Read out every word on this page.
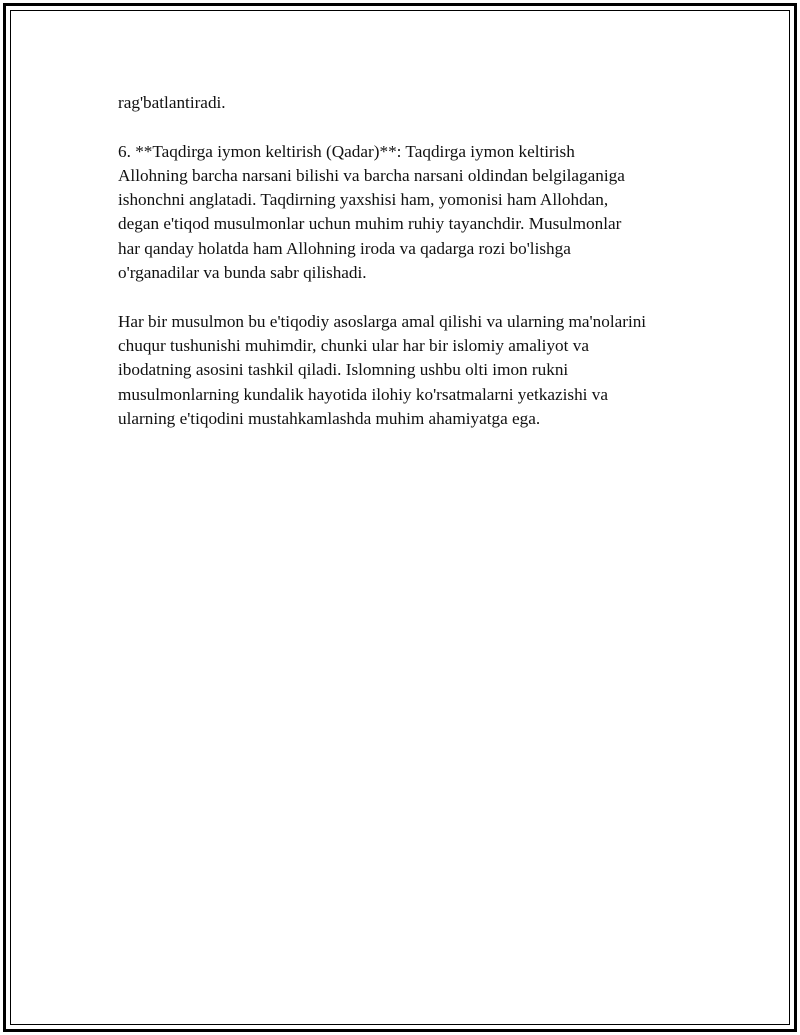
rag'batlantiradi.

6. **Taqdirga iymon keltirish (Qadar)**: Taqdirga iymon keltirish
Allohning barcha narsani bilishi va barcha narsani oldindan belgilaganiga
ishonchni anglatadi. Taqdirning yaxshisi ham, yomonisi ham Allohdan,
degan e'tiqod musulmonlar uchun muhim ruhiy tayanchdir. Musulmonlar
har qanday holatda ham Allohning iroda va qadarga rozi bo'lishga
o'rganadilar va bunda sabr qilishadi.

Har bir musulmon bu e'tiqodiy asoslarga amal qilishi va ularning ma'nolarini
chuqur tushunishi muhimdir, chunki ular har bir islomiy amaliyot va
ibodatning asosini tashkil qiladi. Islomning ushbu olti imon rukni
musulmonlarning kundalik hayotida ilohiy ko'rsatmalarni yetkazishi va
ularning e'tiqodini mustahkamlashda muhim ahamiyatga ega.
